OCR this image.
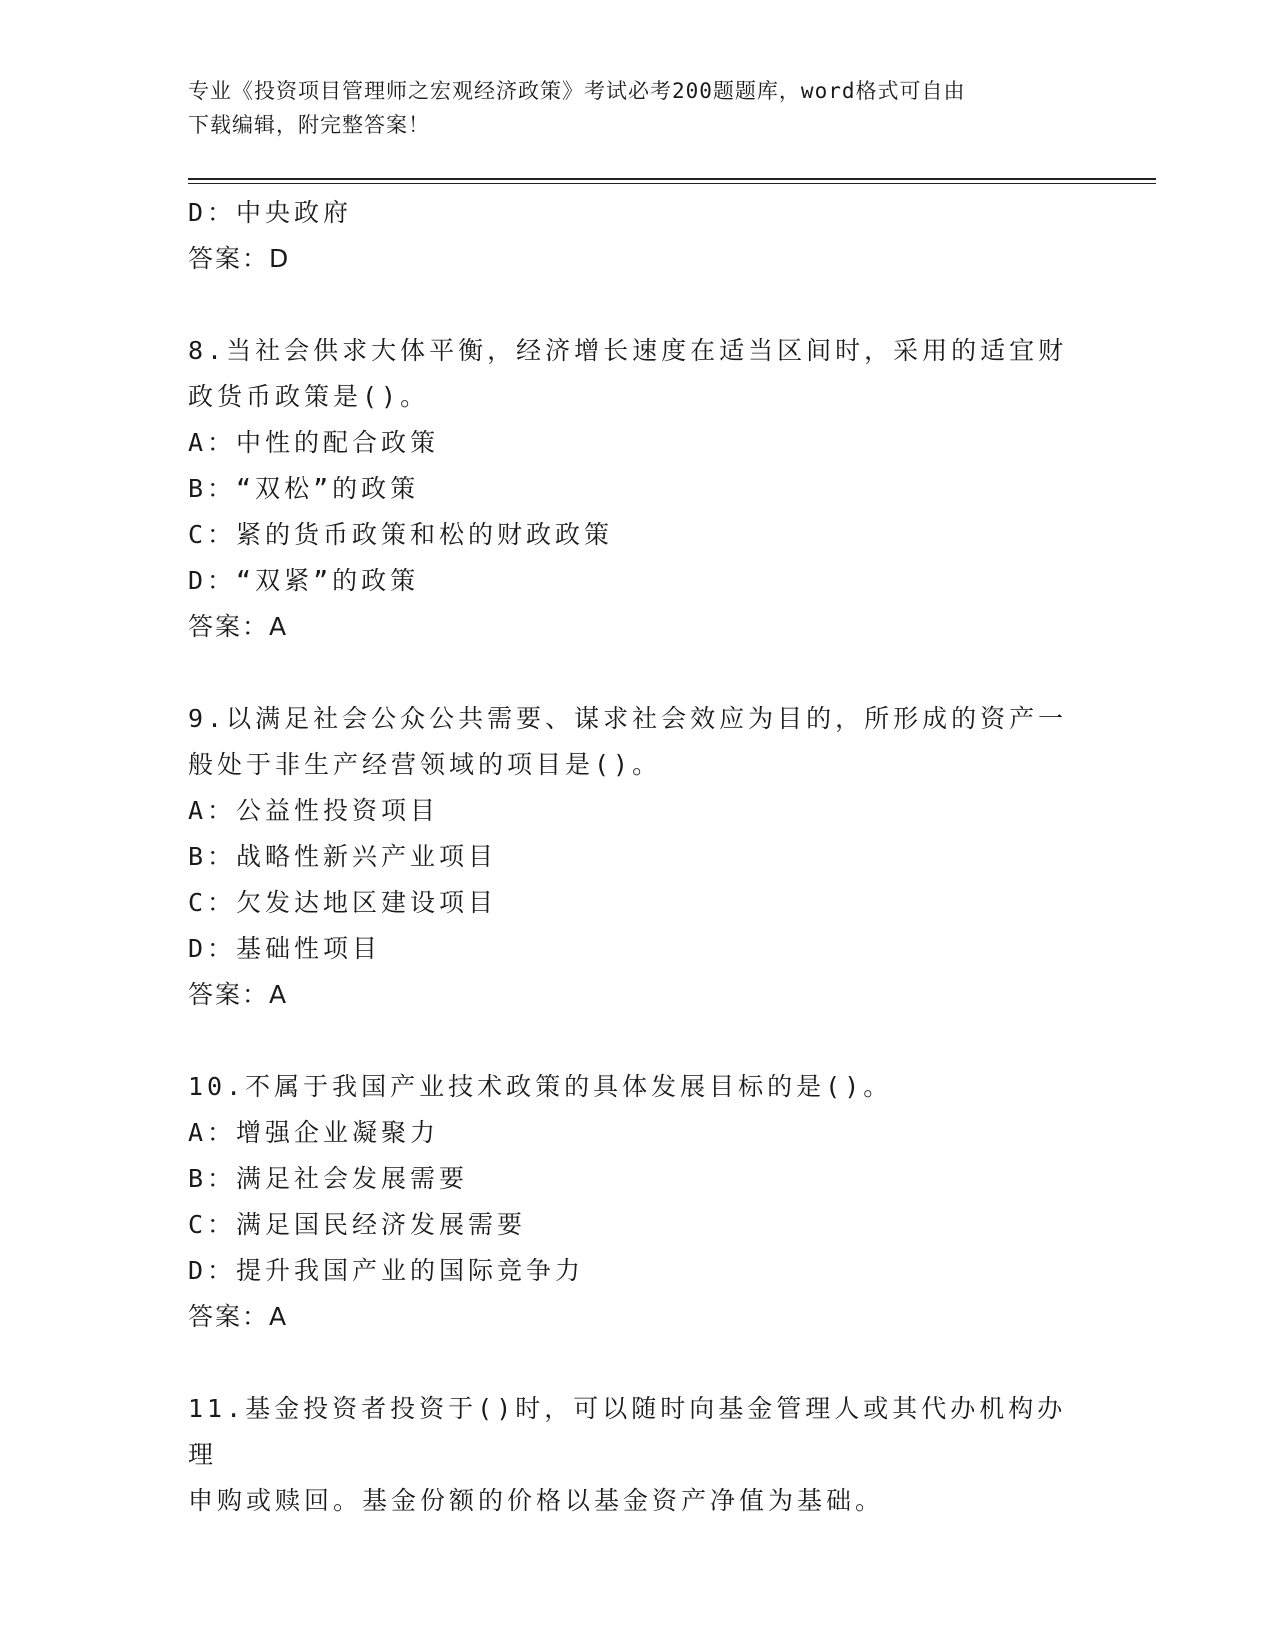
专业《投资项目管理师之宏观经济政策》考试必考200题题库，word格式可自由
下载编辑，附完整答案！
D：中央政府
答案：D
8.当社会供求大体平衡，经济增长速度在适当区间时，采用的适宜财
政货币政策是()。
A：中性的配合政策
B：“双松”的政策
C：紧的货币政策和松的财政政策
D：“双紧”的政策
答案：A
9.以满足社会公众公共需要、谋求社会效应为目的，所形成的资产一
般处于非生产经营领域的项目是()。
A：公益性投资项目
B：战略性新兴产业项目
C：欠发达地区建设项目
D：基础性项目
答案：A
10.不属于我国产业技术政策的具体发展目标的是()。
A：增强企业凝聚力
B：满足社会发展需要
C：满足国民经济发展需要
D：提升我国产业的国际竞争力
答案：A
11.基金投资者投资于()时，可以随时向基金管理人或其代办机构办理
申购或赎回。基金份额的价格以基金资产净值为基础。
